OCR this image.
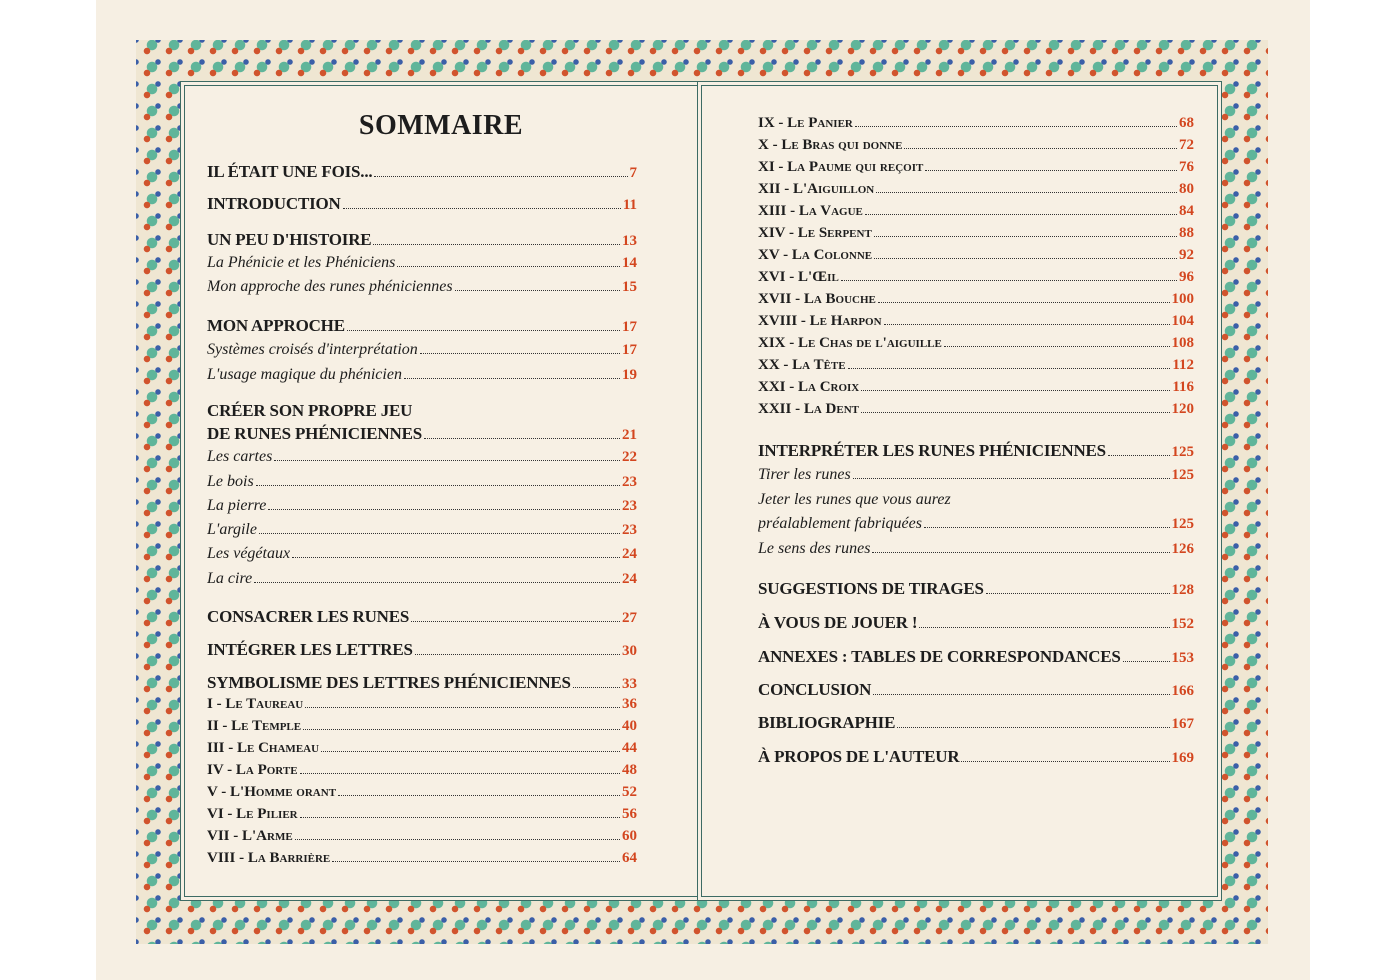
SOMMAIRE
IL ÉTAIT UNE FOIS...	7
INTRODUCTION	11
UN PEU D'HISTOIRE	13
La Phénicie et les Phéniciens	14
Mon approche des runes phéniciennes	15
MON APPROCHE	17
Systèmes croisés d'interprétation	17
L'usage magique du phénicien	19
CRÉER SON PROPRE JEU
DE RUNES PHÉNICIENNES	21
Les cartes	22
Le bois	23
La pierre	23
L'argile	23
Les végétaux	24
La cire	24
CONSACRER LES RUNES	27
INTÉGRER LES LETTRES	30
SYMBOLISME DES LETTRES PHÉNICIENNES	33
I - Le Taureau	36
II - Le Temple	40
III - Le Chameau	44
IV - La Porte	48
V - L'Homme orant	52
VI - Le Pilier	56
VII - L'Arme	60
VIII - La Barrière	64
IX - Le Panier	68
X - Le Bras qui donne	72
XI - La Paume qui reçoit	76
XII - L'Aiguillon	80
XIII - La Vague	84
XIV - Le Serpent	88
XV - La Colonne	92
XVI - L'Œil	96
XVII - La Bouche	100
XVIII - Le Harpon	104
XIX - Le Chas de l'aiguille	108
XX - La Tête	112
XXI - La Croix	116
XXII - La Dent	120
INTERPRÉTER LES RUNES PHÉNICIENNES	125
Tirer les runes	125
Jeter les runes que vous aurez
préalablement fabriquées	125
Le sens des runes	126
SUGGESTIONS DE TIRAGES	128
À VOUS DE JOUER !	152
ANNEXES : TABLES DE CORRESPONDANCES	153
CONCLUSION	166
BIBLIOGRAPHIE	167
À PROPOS DE L'AUTEUR	169
